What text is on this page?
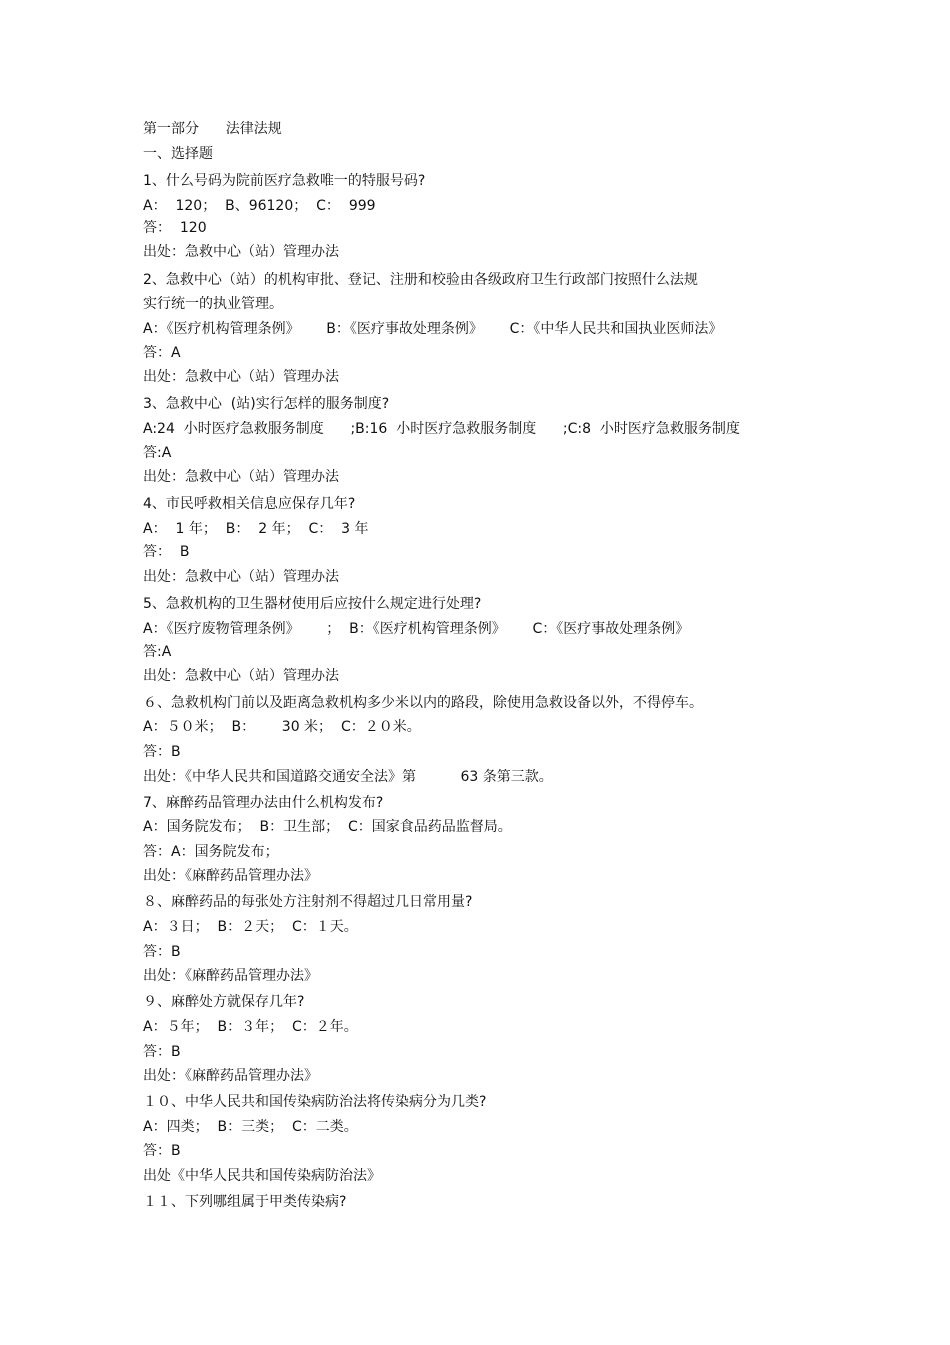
第一部分      法律法规
一、选择题
1、什么号码为院前医疗急救唯一的特服号码?
A：  120；  B、96120；  C：  999
答：  120
出处：急救中心（站）管理办法
2、急救中心（站）的机构审批、登记、注册和校验由各级政府卫生行政部门按照什么法规
实行统一的执业管理。
A：《医疗机构管理条例》      B：《医疗事故处理条例》      C：《中华人民共和国执业医师法》
答：A
出处：急救中心（站）管理办法
3、急救中心  (站)实行怎样的服务制度?
A:24  小时医疗急救服务制度      ;B:16  小时医疗急救服务制度      ;C:8  小时医疗急救服务制度
答:A
出处：急救中心（站）管理办法
4、市民呼救相关信息应保存几年?
A：  1 年；  B：  2 年；  C：  3 年
答：  B
出处：急救中心（站）管理办法
5、急救机构的卫生器材使用后应按什么规定进行处理?
A：《医疗废物管理条例》      ；  B：《医疗机构管理条例》      C：《医疗事故处理条例》
答:A
出处：急救中心（站）管理办法
６、急救机构门前以及距离急救机构多少米以内的路段，除使用急救设备以外，不得停车。
A：５０米；  B：      30 米；  C：２０米。
答：B
出处：《中华人民共和国道路交通安全法》第          63 条第三款。
7、麻醉药品管理办法由什么机构发布?
A：国务院发布；  B：卫生部；  C：国家食品药品监督局。
答：A：国务院发布；
出处：《麻醉药品管理办法》
８、麻醉药品的每张处方注射剂不得超过几日常用量?
A：３日；  B：２天；  C：１天。
答：B
出处：《麻醉药品管理办法》
９、麻醉处方就保存几年?
A：５年；  B：３年；  C：２年。
答：B
出处：《麻醉药品管理办法》
１０、中华人民共和国传染病防治法将传染病分为几类?
A：四类；  B：三类；  C：二类。
答：B
出处《中华人民共和国传染病防治法》
１１、下列哪组属于甲类传染病?
